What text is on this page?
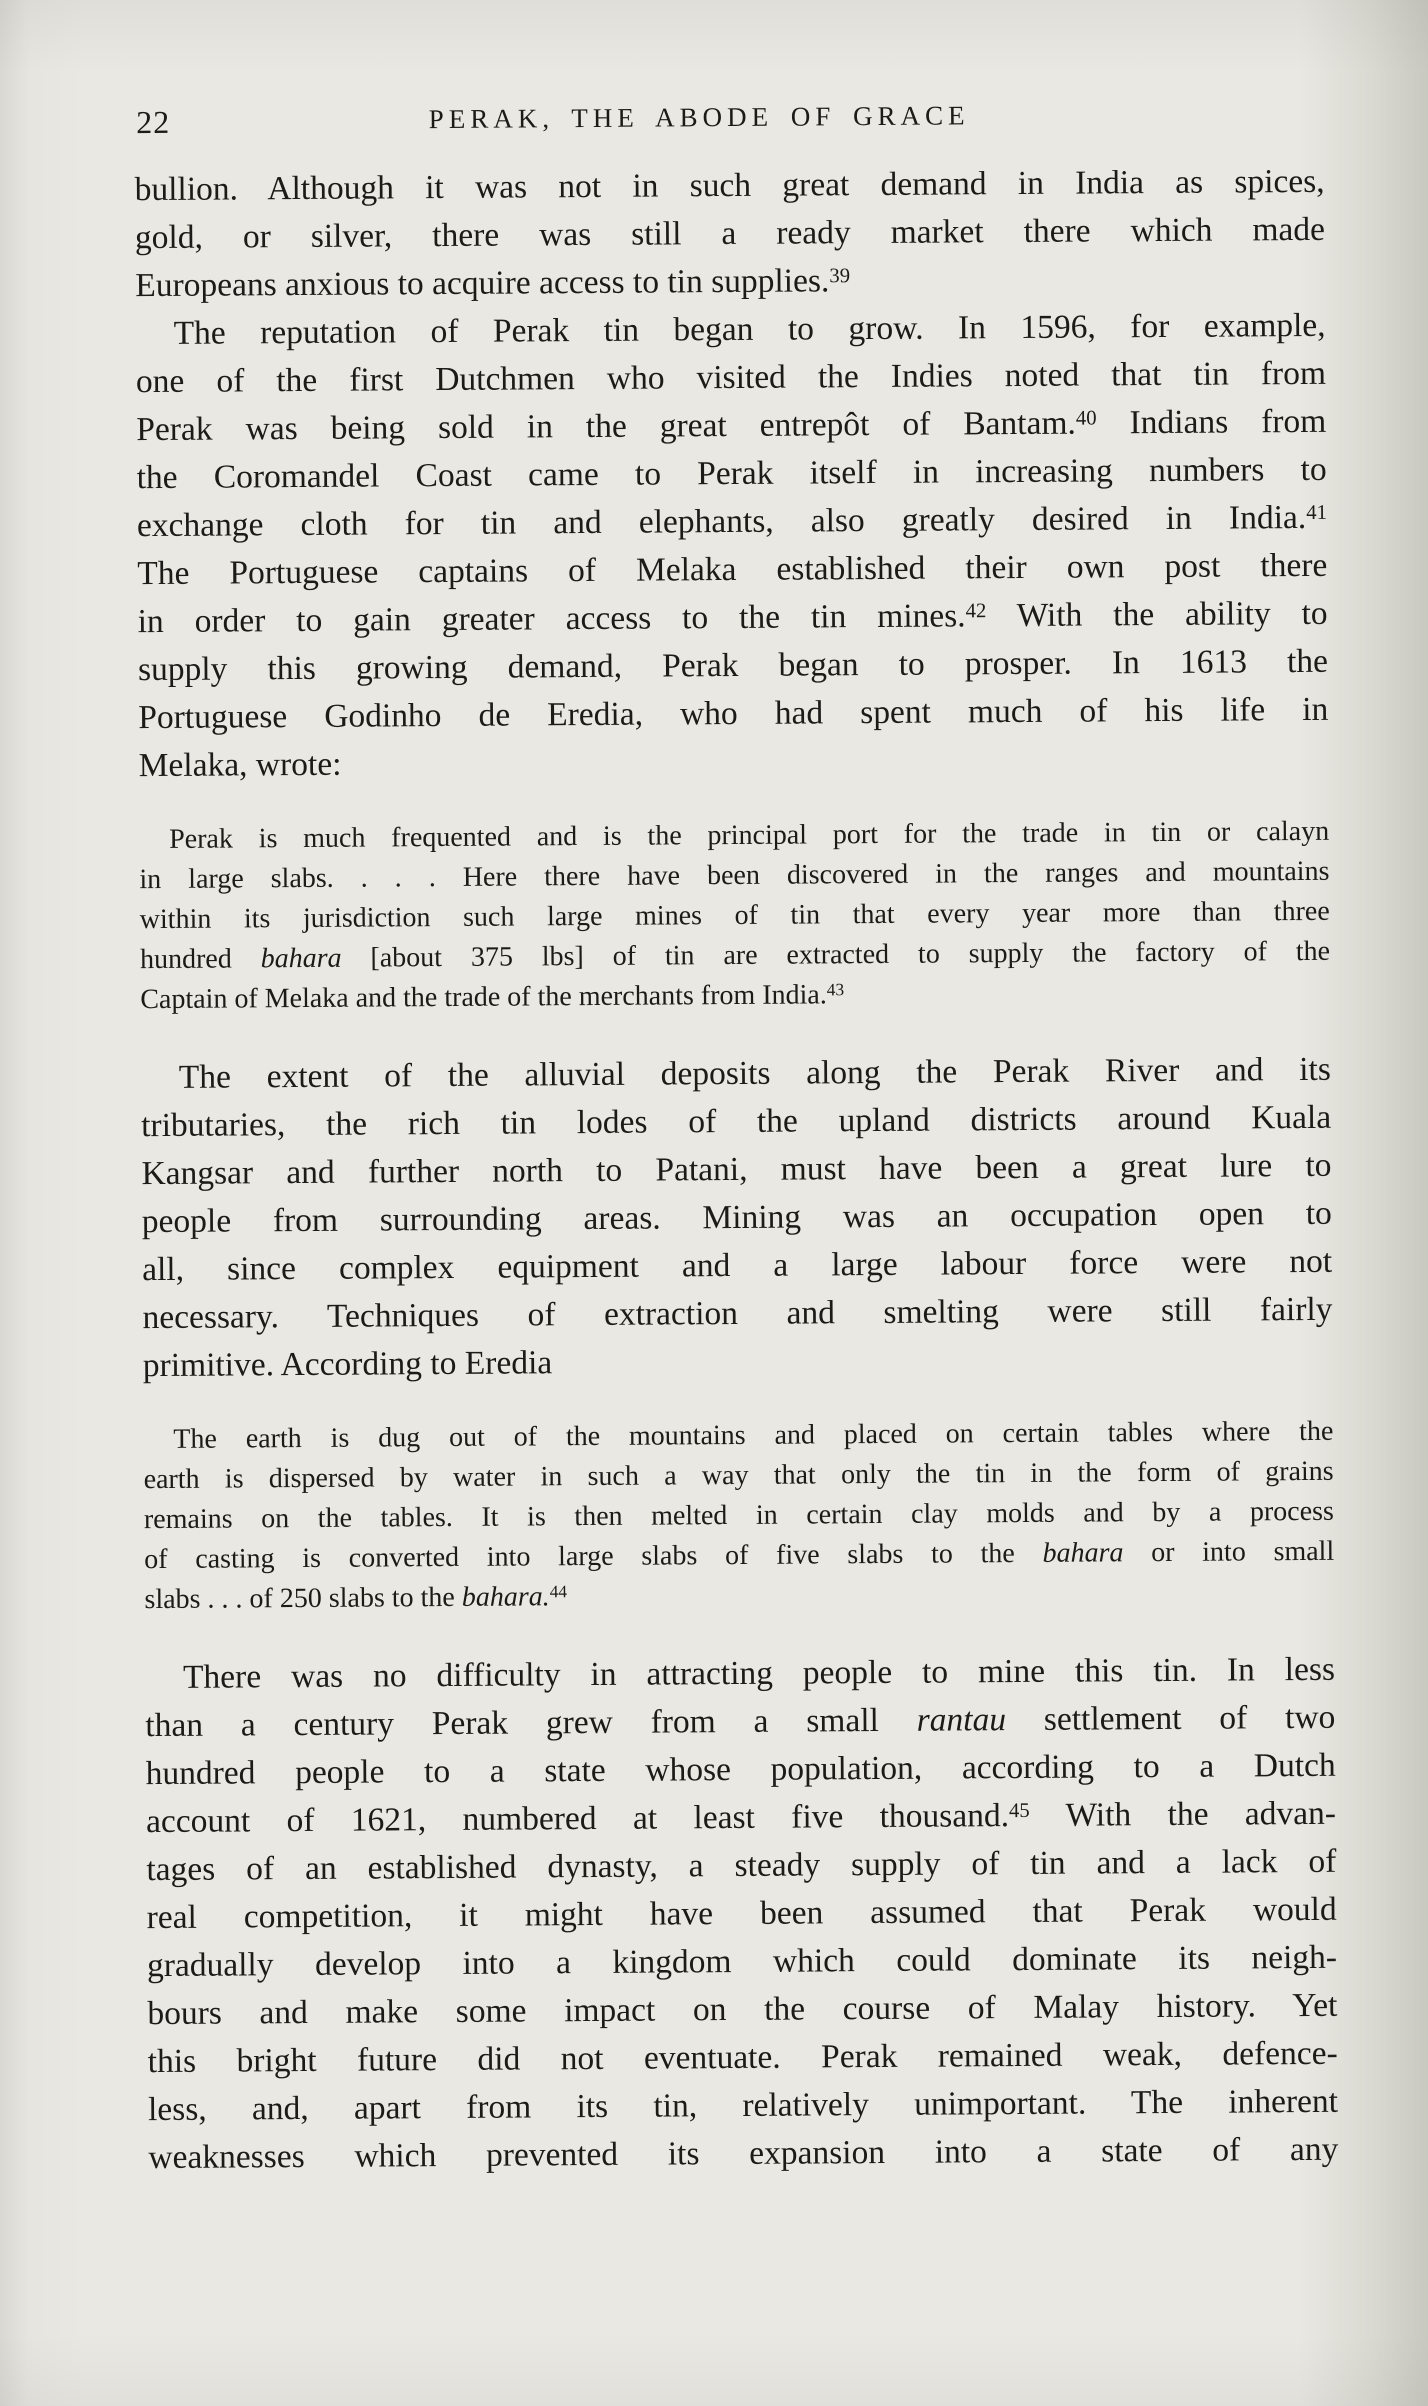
22	PERAK, THE ABODE OF GRACE
bullion. Although it was not in such great demand in India as spices,
gold, or silver, there was still a ready market there which made
Europeans anxious to acquire access to tin supplies.$^{39}$
The reputation of Perak tin began to grow. In 1596, for example,
one of the first Dutchmen who visited the Indies noted that tin from
Perak was being sold in the great entrepôt of Bantam.$^{40}$ Indians from
the Coromandel Coast came to Perak itself in increasing numbers to
exchange cloth for tin and elephants, also greatly desired in India.$^{41}$
The Portuguese captains of Melaka established their own post there
in order to gain greater access to the tin mines.$^{42}$ With the ability to
supply this growing demand, Perak began to prosper. In 1613 the
Portuguese Godinho de Eredia, who had spent much of his life in
Melaka, wrote:
Perak is much frequented and is the principal port for the trade in tin or calayn
in large slabs. . . . Here there have been discovered in the ranges and mountains
within its jurisdiction such large mines of tin that every year more than three
hundred bahara [about 375 lbs] of tin are extracted to supply the factory of the
Captain of Melaka and the trade of the merchants from India.$^{43}$
The extent of the alluvial deposits along the Perak River and its
tributaries, the rich tin lodes of the upland districts around Kuala
Kangsar and further north to Patani, must have been a great lure to
people from surrounding areas. Mining was an occupation open to
all, since complex equipment and a large labour force were not
necessary. Techniques of extraction and smelting were still fairly
primitive. According to Eredia
The earth is dug out of the mountains and placed on certain tables where the
earth is dispersed by water in such a way that only the tin in the form of grains
remains on the tables. It is then melted in certain clay molds and by a process
of casting is converted into large slabs of five slabs to the bahara or into small
slabs . . . of 250 slabs to the bahara.$^{44}$
There was no difficulty in attracting people to mine this tin. In less
than a century Perak grew from a small rantau settlement of two
hundred people to a state whose population, according to a Dutch
account of 1621, numbered at least five thousand.$^{45}$ With the advan-
tages of an established dynasty, a steady supply of tin and a lack of
real competition, it might have been assumed that Perak would
gradually develop into a kingdom which could dominate its neigh-
bours and make some impact on the course of Malay history. Yet
this bright future did not eventuate. Perak remained weak, defence-
less, and, apart from its tin, relatively unimportant. The inherent
weaknesses which prevented its expansion into a state of any
